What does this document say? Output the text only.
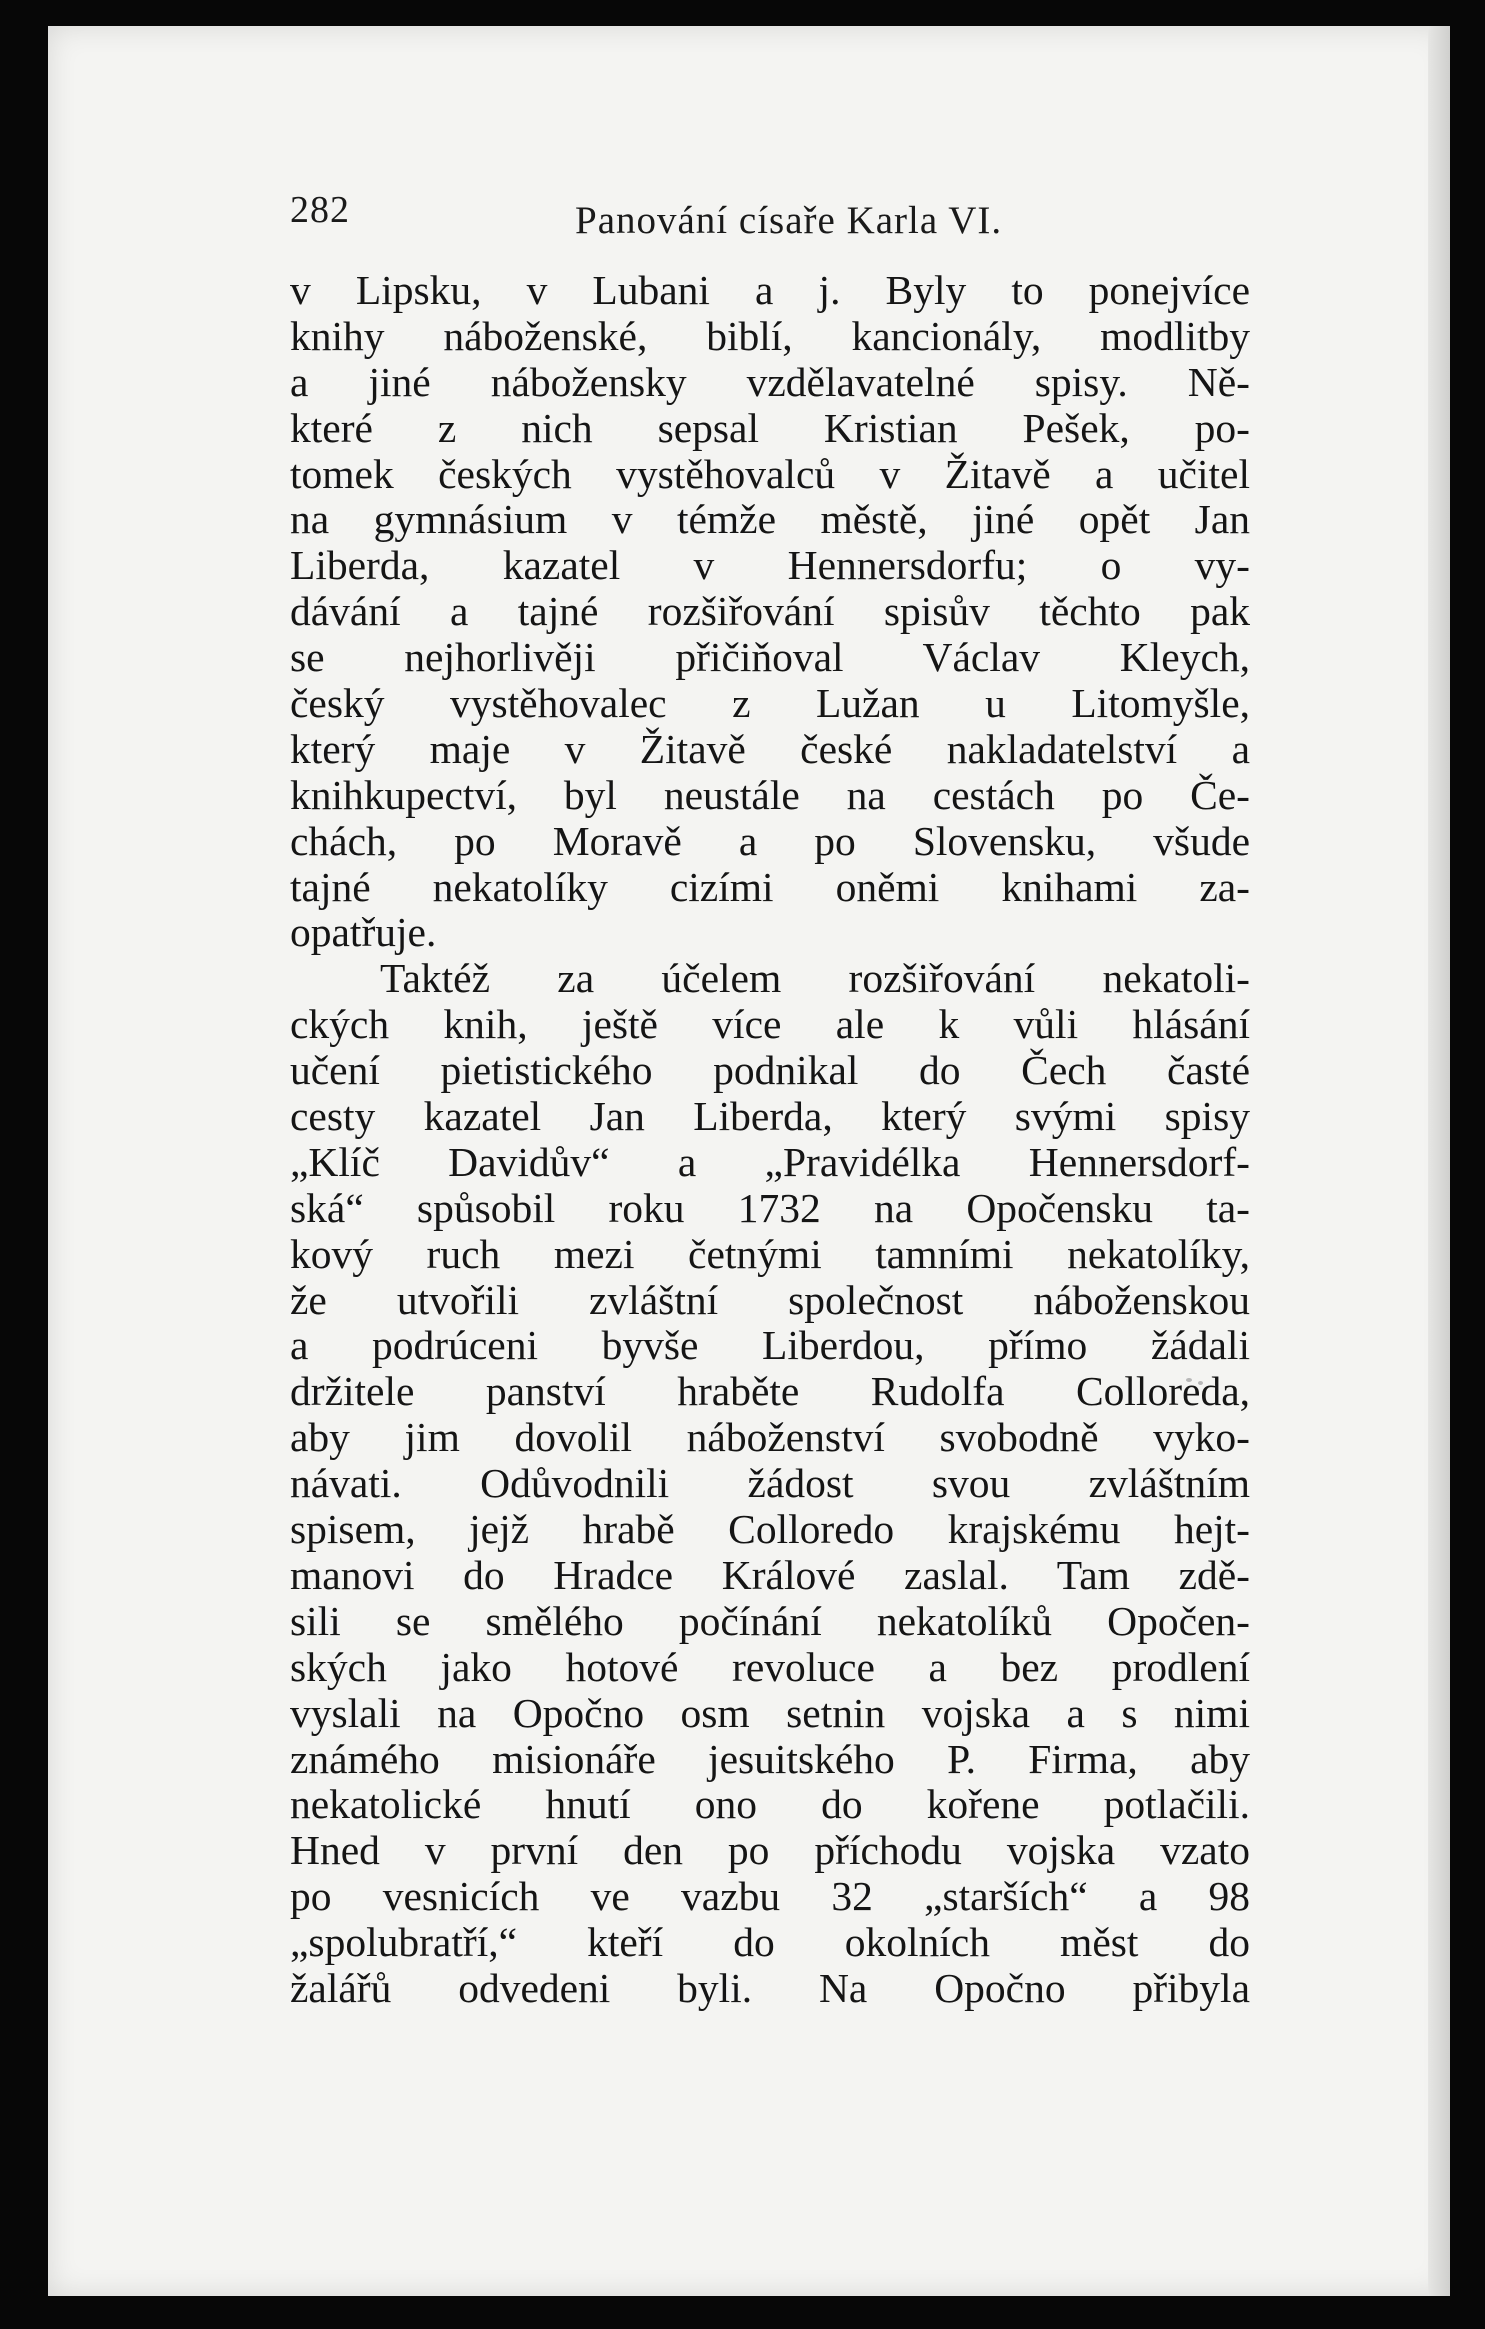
282	Panování císaře Karla VI.
v Lipsku, v Lubani a j. Byly to ponejvíce
knihy náboženské, biblí, kancionály, modlitby
a jiné nábožensky vzdělavatelné spisy. Ně-
které z nich sepsal Kristian Pešek, po-
tomek českých vystěhovalců v Žitavě a učitel
na gymnásium v témže městě, jiné opět Jan
Liberda, kazatel v Hennersdorfu; o vy-
dávání a tajné rozšiřování spisův těchto pak
se nejhorlivěji přičiňoval Václav Kleych,
český vystěhovalec z Lužan u Litomyšle,
který maje v Žitavě české nakladatelství a
knihkupectví, byl neustále na cestách po Če-
chách, po Moravě a po Slovensku, všude
tajné nekatolíky cizími oněmi knihami za-
opatřuje.
Taktéž za účelem rozšiřování nekatoli-
ckých knih, ještě více ale k vůli hlásání
učení pietistického podnikal do Čech časté
cesty kazatel Jan Liberda, který svými spisy
„Klíč Davidův“ a „Pravidélka Hennersdorf-
ská“ spůsobil roku 1732 na Opočensku ta-
kový ruch mezi četnými tamními nekatolíky,
že utvořili zvláštní společnost náboženskou
a podrúceni byvše Liberdou, přímo žádali
držitele panství hraběte Rudolfa Colloreda,
aby jim dovolil náboženství svobodně vyko-
návati. Odůvodnili žádost svou zvláštním
spisem, jejž hrabě Colloredo krajskému hejt-
manovi do Hradce Králové zaslal. Tam zdě-
sili se smělého počínání nekatolíků Opočen-
ských jako hotové revoluce a bez prodlení
vyslali na Opočno osm setnin vojska a s nimi
známého misionáře jesuitského P. Firma, aby
nekatolické hnutí ono do kořene potlačili.
Hned v první den po příchodu vojska vzato
po vesnicích ve vazbu 32 „starších“ a 98
„spolubratří,“ kteří do okolních měst do
žalářů odvedeni byli. Na Opočno přibyla
